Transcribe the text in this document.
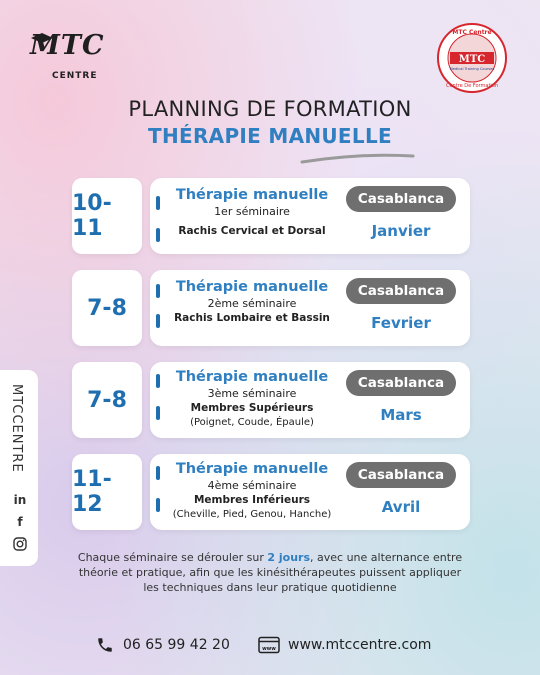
MTC
CENTRE
MTC
MTC Centre
Medical Training Courses
Centre De Formation
PLANNING DE FORMATION
THÉRAPIE MANUELLE
10-11
Thérapie manuelle
1er séminaire
Rachis Cervical et Dorsal
Casablanca
Janvier
7-8
Thérapie manuelle
2ème séminaire
Rachis Lombaire et Bassin
Casablanca
Fevrier
7-8
Thérapie manuelle
3ème séminaire
Membres Supérieurs
(Poignet, Coude, Épaule)
Casablanca
Mars
11-12
Thérapie manuelle
4ème séminaire
Membres Inférieurs
(Cheville, Pied, Genou, Hanche)
Casablanca
Avril
MTCCENTRE
in
f
Chaque séminaire se dérouler sur 2 jours, avec une alternance entre théorie et pratique, afin que les kinésithérapeutes puissent appliquer les techniques dans leur pratique quotidienne
06 65 99 42 20	www www.mtccentre.com
